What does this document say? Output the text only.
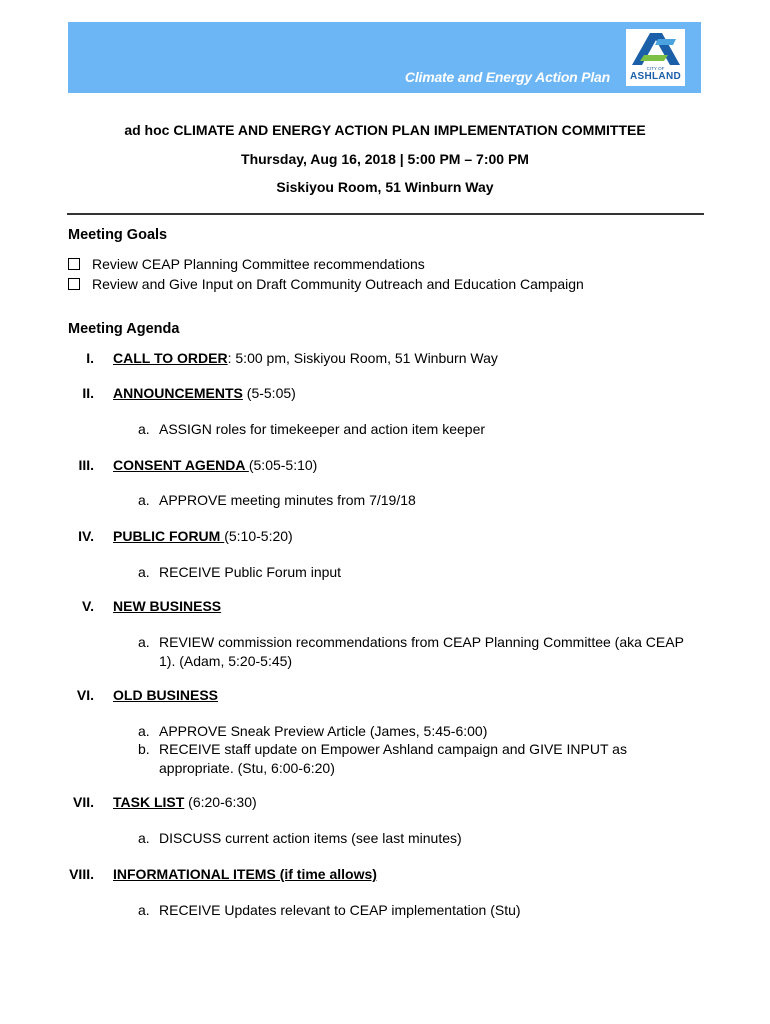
Climate and Energy Action Plan
CITY OF
ASHLAND
ad hoc CLIMATE AND ENERGY ACTION PLAN IMPLEMENTATION COMMITTEE
Thursday, Aug 16, 2018 | 5:00 PM – 7:00 PM
Siskiyou Room, 51 Winburn Way
Meeting Goals
Review CEAP Planning Committee recommendations
Review and Give Input on Draft Community Outreach and Education Campaign
Meeting Agenda
I. CALL TO ORDER: 5:00 pm, Siskiyou Room, 51 Winburn Way
II. ANNOUNCEMENTS (5-5:05)
a. ASSIGN roles for timekeeper and action item keeper
III. CONSENT AGENDA (5:05-5:10)
a. APPROVE meeting minutes from 7/19/18
IV. PUBLIC FORUM (5:10-5:20)
a. RECEIVE Public Forum input
V. NEW BUSINESS
a. REVIEW commission recommendations from CEAP Planning Committee (aka CEAP 1). (Adam, 5:20-5:45)
VI. OLD BUSINESS
a. APPROVE Sneak Preview Article (James, 5:45-6:00)
b. RECEIVE staff update on Empower Ashland campaign and GIVE INPUT as appropriate. (Stu, 6:00-6:20)
VII. TASK LIST (6:20-6:30)
a. DISCUSS current action items (see last minutes)
VIII. INFORMATIONAL ITEMS (if time allows)
a. RECEIVE Updates relevant to CEAP implementation (Stu)
